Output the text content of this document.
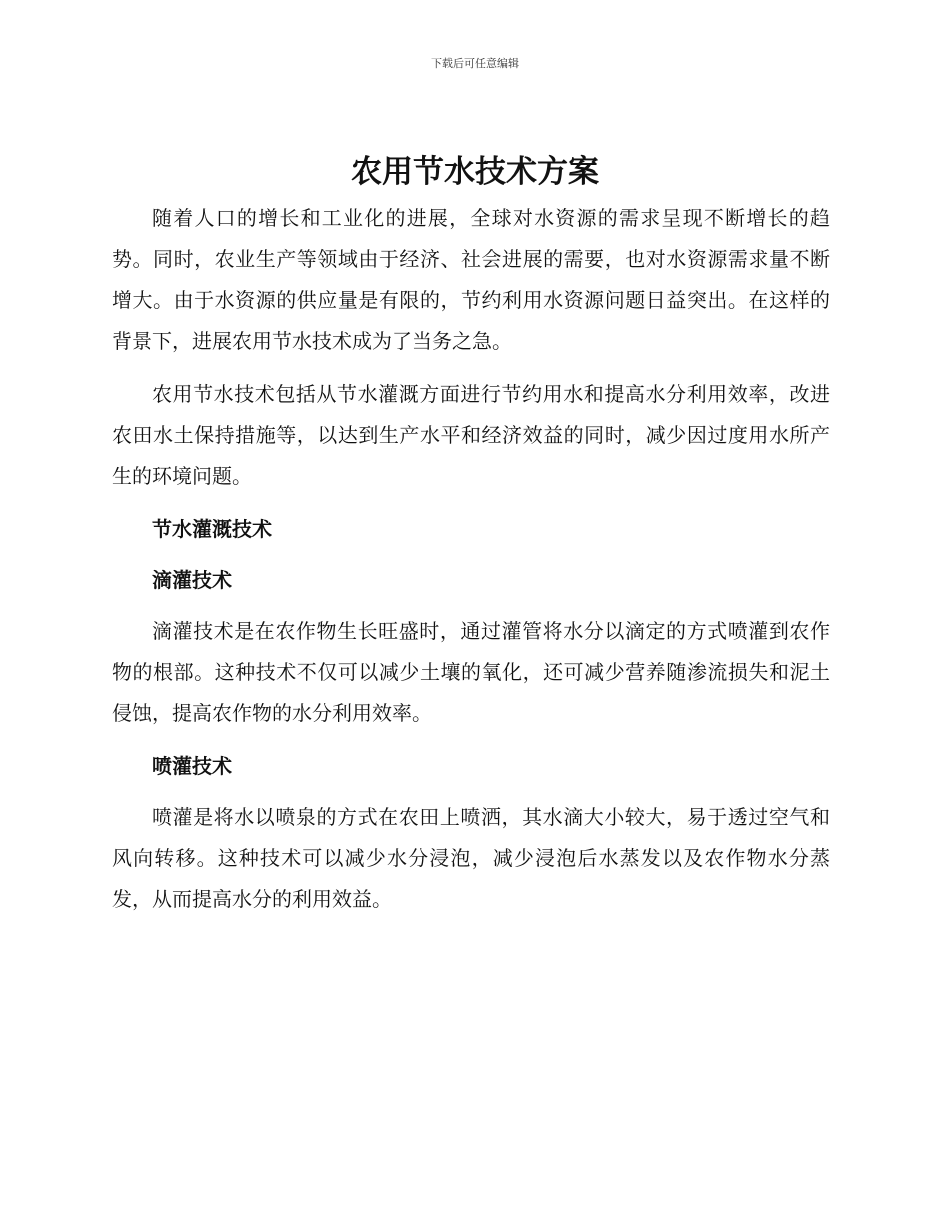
下载后可任意编辑
农用节水技术方案

随着人口的增长和工业化的进展，全球对水资源的需求呈现不断增长的趋势。同时，农业生产等领域由于经济、社会进展的需要，也对水资源需求量不断增大。由于水资源的供应量是有限的，节约利用水资源问题日益突出。在这样的背景下，进展农用节水技术成为了当务之急。

农用节水技术包括从节水灌溉方面进行节约用水和提高水分利用效率，改进农田水土保持措施等，以达到生产水平和经济效益的同时，减少因过度用水所产生的环境问题。

节水灌溉技术
滴灌技术

滴灌技术是在农作物生长旺盛时，通过灌管将水分以滴定的方式喷灌到农作物的根部。这种技术不仅可以减少土壤的氧化，还可减少营养随渗流损失和泥土侵蚀，提高农作物的水分利用效率。

喷灌技术

喷灌是将水以喷泉的方式在农田上喷洒，其水滴大小较大，易于透过空气和风向转移。这种技术可以减少水分浸泡，减少浸泡后水蒸发以及农作物水分蒸发，从而提高水分的利用效益。
